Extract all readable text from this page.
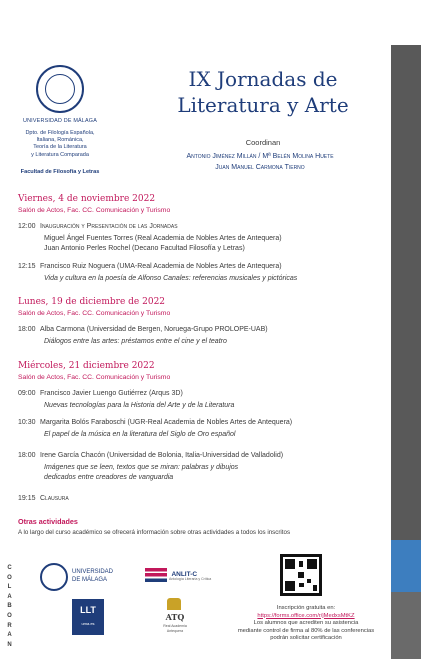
UNIVERSIDAD DE MÁLAGA
Dpto. de Filología Española,
Italiana, Románica,
Teoría de la Literatura
y Literatura Comparada
Facultad de Filosofía y Letras
IX Jornadas de
Literatura y Arte
Coordinan
Antonio Jiménez Millán / Mª Belén Molina Huete
Juan Manuel Carmona Tierno
Viernes, 4 de noviembre 2022
Salón de Actos, Fac. CC. Comunicación y Turismo
12:00 Inauguración y Presentación de las Jornadas
Miguel Ángel Fuentes Torres (Real Academia de Nobles Artes de Antequera)
Juan Antonio Perles Rochel (Decano Facultad Filosofía y Letras)
12:15 Francisco Ruiz Noguera (UMA-Real Academia de Nobles Artes de Antequera)
Vida y cultura en la poesía de Alfonso Canales: referencias musicales y pictóricas
Lunes, 19 de diciembre de 2022
Salón de Actos, Fac. CC. Comunicación y Turismo
18:00 Alba Carmona (Universidad de Bergen, Noruega-Grupo PROLOPE-UAB)
Diálogos entre las artes: préstamos entre el cine y el teatro
Miércoles, 21 diciembre 2022
Salón de Actos, Fac. CC. Comunicación y Turismo
09:00 Francisco Javier Luengo Gutiérrez (Arqus 3D)
Nuevas tecnologías para la Historia del Arte y de la Literatura
10:30 Margarita Bolós Faraboschi (UGR-Real Academia de Nobles Artes de Antequera)
El papel de la música en la literatura del Siglo de Oro español
18:00 Irene García Chacón (Universidad de Bolonia, Italia-Universidad de Valladolid)
Imágenes que se leen, textos que se miran: palabras y dibujos
dedicados entre creadores de vanguardia
19:15 Clausura
Otras actividades
A lo largo del curso académico se ofrecerá información sobre otras actividades a todos los inscritos
C
O
L
A
B
O
R
A
N
UNIVERSIDAD
DE MÁLAGA
ANLIT-C
Antología Literaria y Crítica
LLT
uma.es
ATQ
Real Academia
Antequera
Inscripción gratuita en:
https://forms.office.com/r/jMedxsMtKZ
Los alumnos que acrediten su asistencia
mediante control de firma al 80% de las conferencias
podrán solicitar certificación
